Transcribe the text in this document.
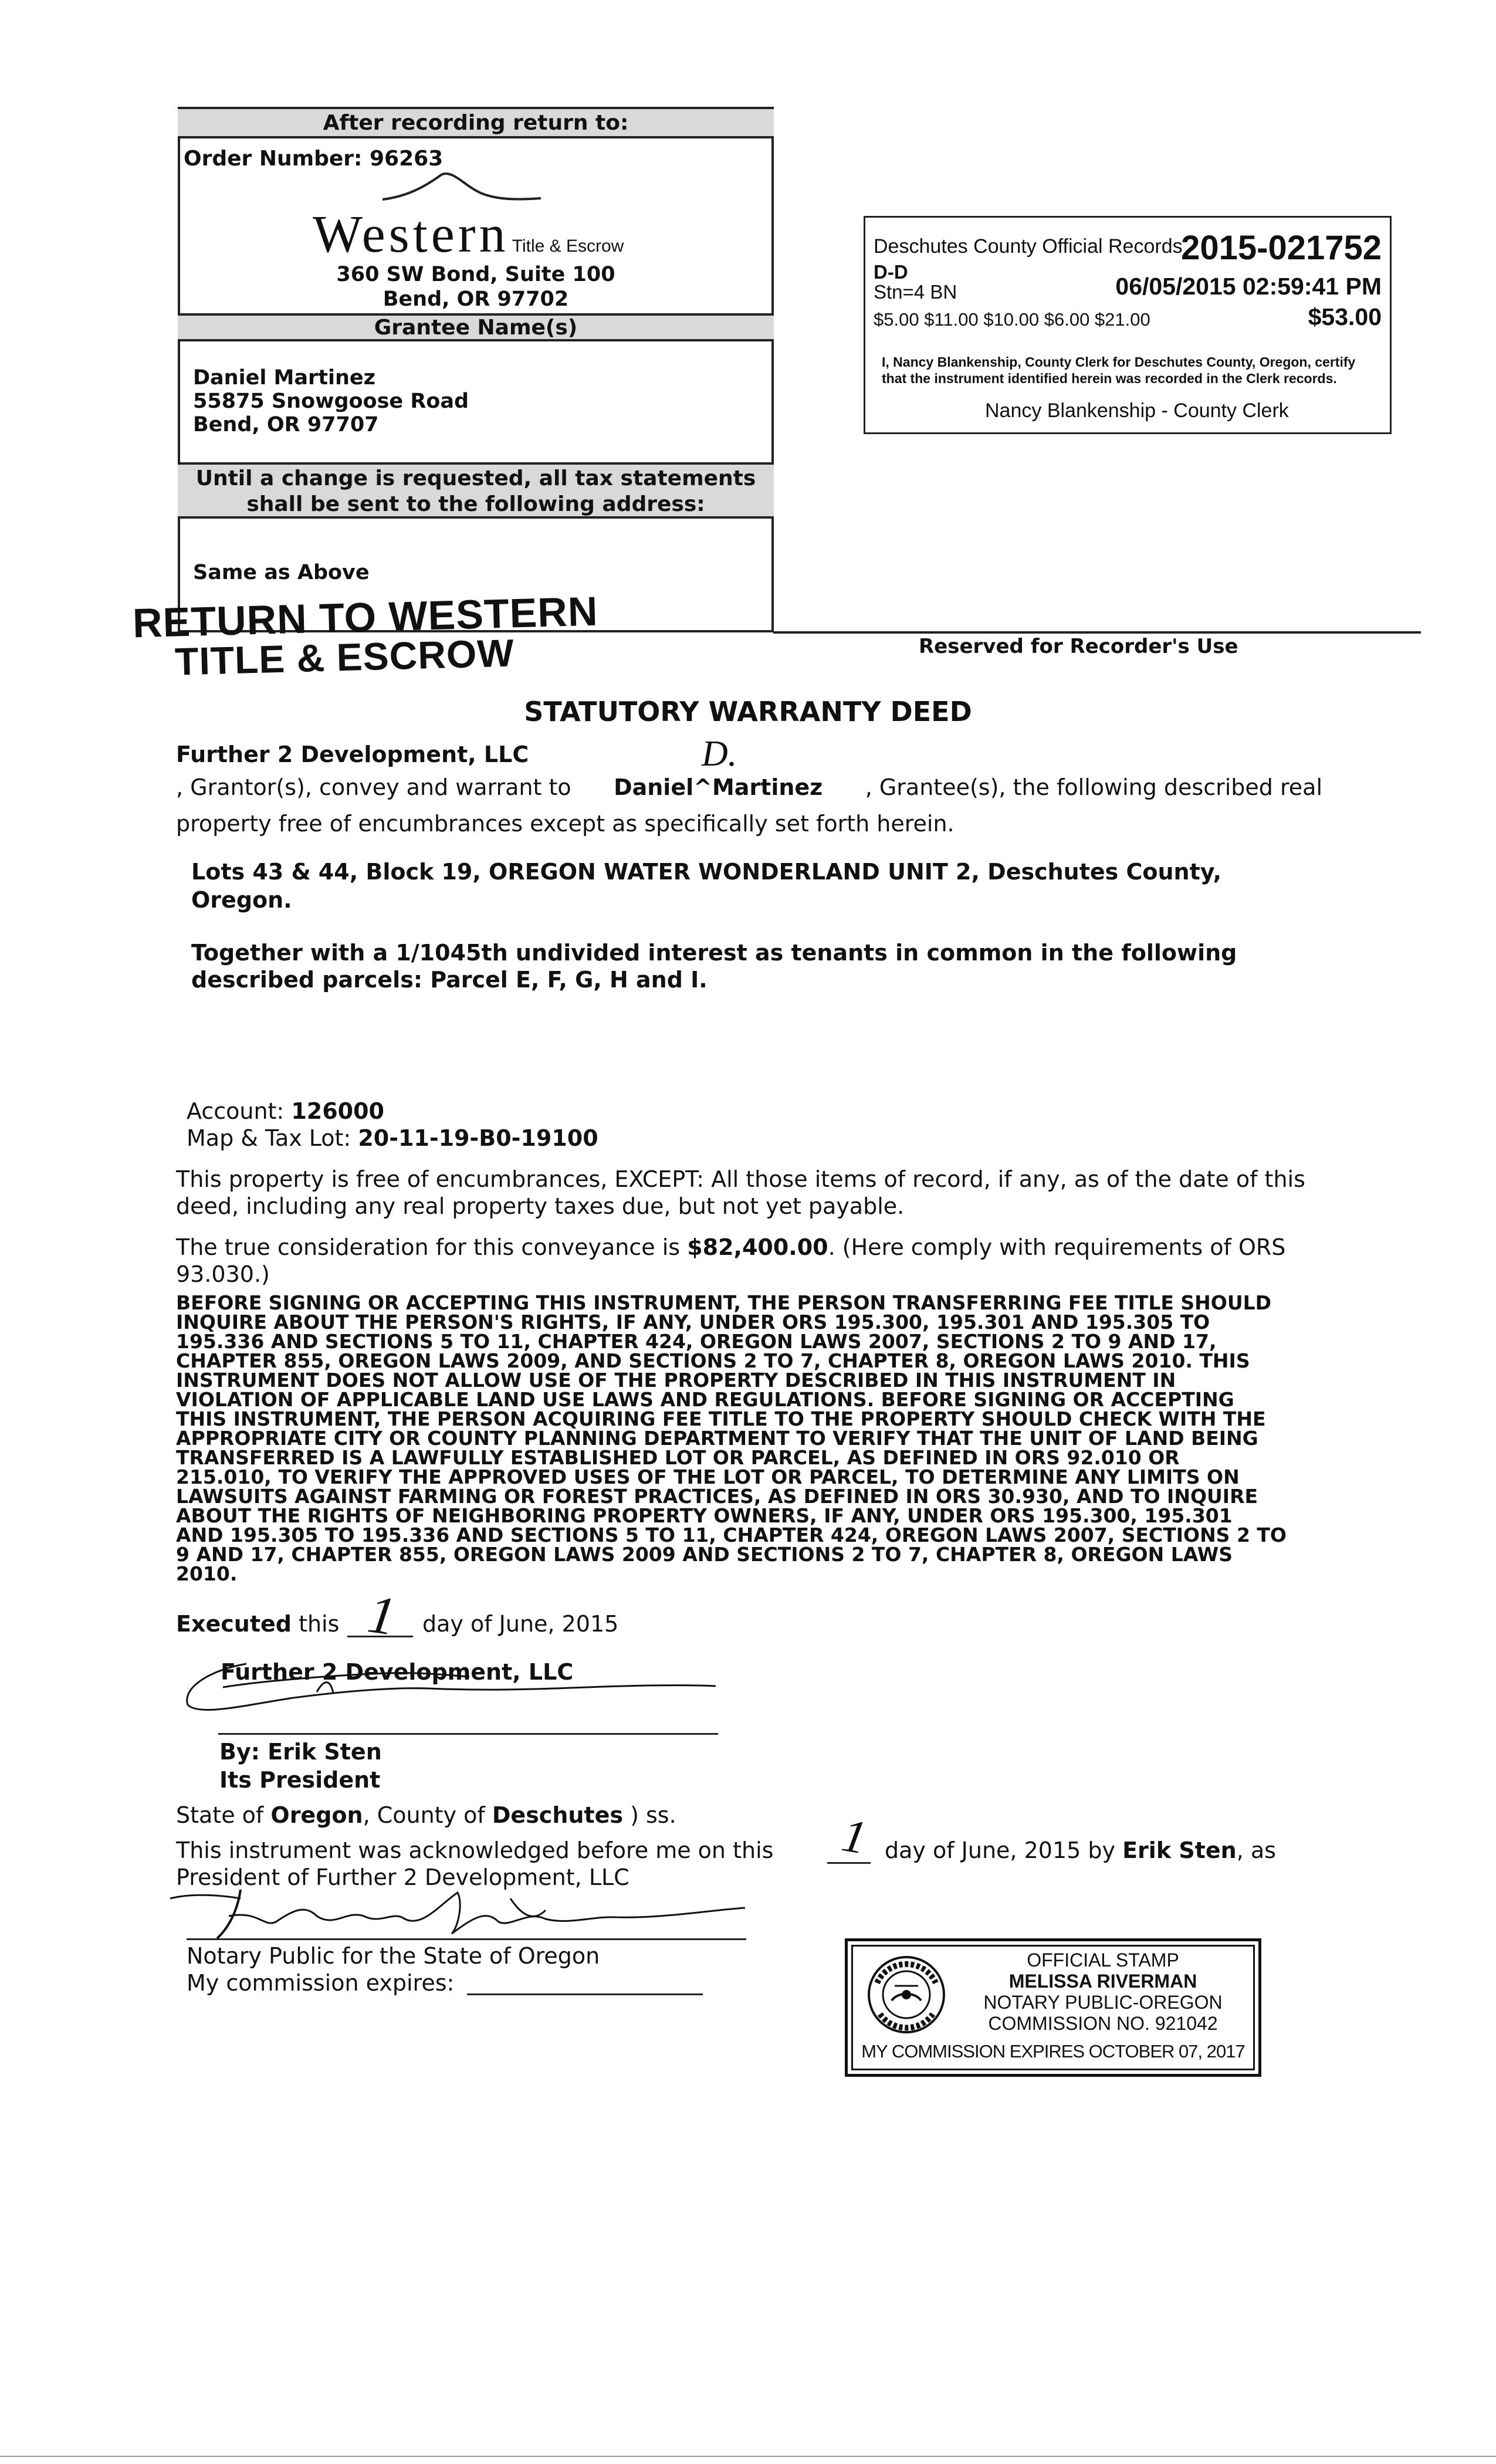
After recording return to:
Order Number: 96263
Western Title & Escrow
360 SW Bond, Suite 100
Bend, OR 97702
Grantee Name(s)
Daniel Martinez
55875 Snowgoose Road
Bend, OR 97707
Until a change is requested, all tax statements
shall be sent to the following address:
Same as Above
RETURN TO WESTERN
TITLE & ESCROW	Reserved for Recorder's Use
Deschutes County Official Records
2015-021752
D-D
Stn=4 BN	06/05/2015 02:59:41 PM
$5.00 $11.00 $10.00 $6.00 $21.00	$53.00
I, Nancy Blankenship, County Clerk for Deschutes County, Oregon, certify that the instrument identified herein was recorded in the Clerk records.
Nancy Blankenship - County Clerk
STATUTORY WARRANTY DEED
Further 2 Development, LLC	D.
, Grantor(s), convey and warrant to Daniel^Martinez , Grantee(s), the following described real
property free of encumbrances except as specifically set forth herein.
Lots 43 & 44, Block 19, OREGON WATER WONDERLAND UNIT 2, Deschutes County,
Oregon.
Together with a 1/1045th undivided interest as tenants in common in the following
described parcels: Parcel E, F, G, H and I.
Account: 126000
Map & Tax Lot: 20-11-19-B0-19100
This property is free of encumbrances, EXCEPT: All those items of record, if any, as of the date of this
deed, including any real property taxes due, but not yet payable.
The true consideration for this conveyance is $82,400.00. (Here comply with requirements of ORS
93.030.)
BEFORE SIGNING OR ACCEPTING THIS INSTRUMENT, THE PERSON TRANSFERRING FEE TITLE SHOULD
INQUIRE ABOUT THE PERSON'S RIGHTS, IF ANY, UNDER ORS 195.300, 195.301 AND 195.305 TO
195.336 AND SECTIONS 5 TO 11, CHAPTER 424, OREGON LAWS 2007, SECTIONS 2 TO 9 AND 17,
CHAPTER 855, OREGON LAWS 2009, AND SECTIONS 2 TO 7, CHAPTER 8, OREGON LAWS 2010. THIS
INSTRUMENT DOES NOT ALLOW USE OF THE PROPERTY DESCRIBED IN THIS INSTRUMENT IN
VIOLATION OF APPLICABLE LAND USE LAWS AND REGULATIONS. BEFORE SIGNING OR ACCEPTING
THIS INSTRUMENT, THE PERSON ACQUIRING FEE TITLE TO THE PROPERTY SHOULD CHECK WITH THE
APPROPRIATE CITY OR COUNTY PLANNING DEPARTMENT TO VERIFY THAT THE UNIT OF LAND BEING
TRANSFERRED IS A LAWFULLY ESTABLISHED LOT OR PARCEL, AS DEFINED IN ORS 92.010 OR
215.010, TO VERIFY THE APPROVED USES OF THE LOT OR PARCEL, TO DETERMINE ANY LIMITS ON
LAWSUITS AGAINST FARMING OR FOREST PRACTICES, AS DEFINED IN ORS 30.930, AND TO INQUIRE
ABOUT THE RIGHTS OF NEIGHBORING PROPERTY OWNERS, IF ANY, UNDER ORS 195.300, 195.301
AND 195.305 TO 195.336 AND SECTIONS 5 TO 11, CHAPTER 424, OREGON LAWS 2007, SECTIONS 2 TO
9 AND 17, CHAPTER 855, OREGON LAWS 2009 AND SECTIONS 2 TO 7, CHAPTER 8, OREGON LAWS
2010.
Executed this 1 day of June, 2015
Further 2 Development, LLC
By: Erik Sten
Its President
State of Oregon, County of Deschutes ) ss.
This instrument was acknowledged before me on this	1 day of June, 2015 by Erik Sten, as
President of Further 2 Development, LLC
Notary Public for the State of Oregon
My commission expires:
OFFICIAL STAMP
MELISSA RIVERMAN
NOTARY PUBLIC-OREGON
COMMISSION NO. 921042
MY COMMISSION EXPIRES OCTOBER 07, 2017
